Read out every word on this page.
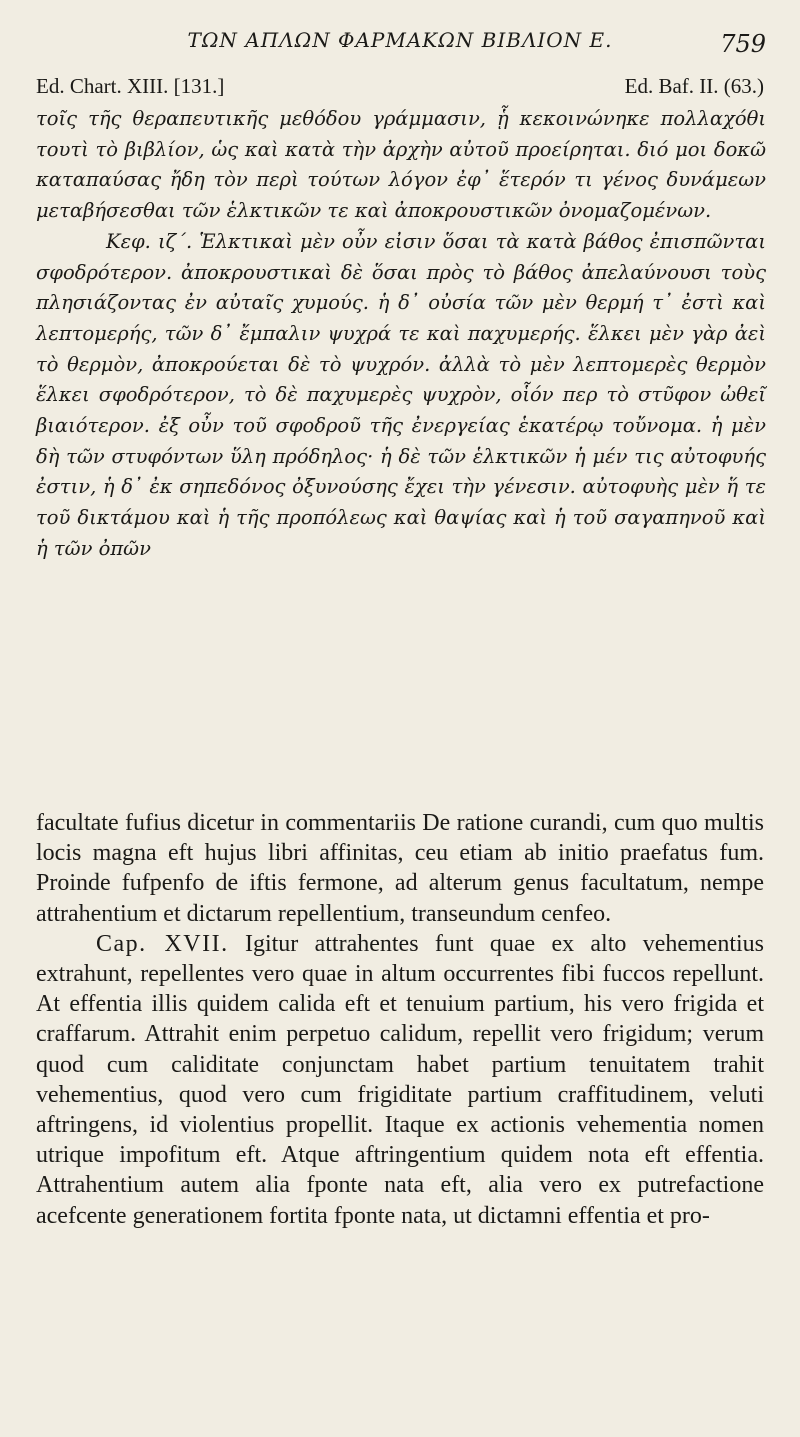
ΤΩΝ ΑΠΛΩΝ ΦΑΡΜΑΚΩΝ ΒΙΒΛΙΟΝ Ε.	759
Ed. Chart. XIII. [131.]	Ed. Baf. II. (63.)

τοῖς τῆς θεραπευτικῆς μεθόδου γράμμασιν, ᾗ κεκοινώνηκε πολλαχόθι τουτὶ τὸ βιβλίον, ὡς καὶ κατὰ τὴν ἀρχὴν αὐτοῦ προείρηται. διό μοι δοκῶ καταπαύσας ἤδη τὸν περὶ τούτων λόγον ἐφ᾽ ἕτερόν τι γένος δυνάμεων μεταβήσεσθαι τῶν ἑλκτικῶν τε καὶ ἀποκρουστικῶν ὀνομαζομένων.

Κεφ. ιζ΄. Ἑλκτικαὶ μὲν οὖν εἰσιν ὅσαι τὰ κατὰ βάθος ἐπισπῶνται σφοδρότερον. ἀποκρουστικαὶ δὲ ὅσαι πρὸς τὸ βάθος ἀπελαύνουσι τοὺς πλησιάζοντας ἐν αὐταῖς χυμούς. ἡ δ᾽ οὐσία τῶν μὲν θερμή τ᾽ ἐστὶ καὶ λεπτομερής, τῶν δ᾽ ἔμπαλιν ψυχρά τε καὶ παχυμερής. ἕλκει μὲν γὰρ ἀεὶ τὸ θερμὸν, ἀποκρούεται δὲ τὸ ψυχρόν. ἀλλὰ τὸ μὲν λεπτομερὲς θερμὸν ἕλκει σφοδρότερον, τὸ δὲ παχυμερὲς ψυχρὸν, οἷόν περ τὸ στῦφον ὠθεῖ βιαιότερον. ἐξ οὖν τοῦ σφοδροῦ τῆς ἐνεργείας ἑκατέρῳ τοὔνομα. ἡ μὲν δὴ τῶν στυφόντων ὕλη πρόδηλος· ἡ δὲ τῶν ἑλκτικῶν ἡ μέν τις αὐτοφυής ἐστιν, ἡ δ᾽ ἐκ σηπεδόνος ὀξυνούσης ἔχει τὴν γένεσιν. αὐτοφυὴς μὲν ἥ τε τοῦ δικτάμου καὶ ἡ τῆς προπόλεως καὶ θαψίας καὶ ἡ τοῦ σαγαπηνοῦ καὶ ἡ τῶν ὀπῶν

facultate fufius dicetur in commentariis De ratione curandi, cum quo multis locis magna eft hujus libri affinitas, ceu etiam ab initio praefatus fum. Proinde fufpenfo de iftis fermone, ad alterum genus facultatum, nempe attrahentium et dictarum repellentium, transeundum cenfeo.

Cap. XVII. Igitur attrahentes funt quae ex alto vehementius extrahunt, repellentes vero quae in altum occurrentes fibi fuccos repellunt. At effentia illis quidem calida eft et tenuium partium, his vero frigida et craffarum. Attrahit enim perpetuo calidum, repellit vero frigidum; verum quod cum caliditate conjunctam habet partium tenuitatem trahit vehementius, quod vero cum frigiditate partium craffitudinem, veluti aftringens, id violentius propellit. Itaque ex actionis vehementia nomen utrique impofitum eft. Atque aftringentium quidem nota eft effentia. Attrahentium autem alia fponte nata eft, alia vero ex putrefactione acefcente generationem fortita fponte nata, ut dictamni effentia et pro-
